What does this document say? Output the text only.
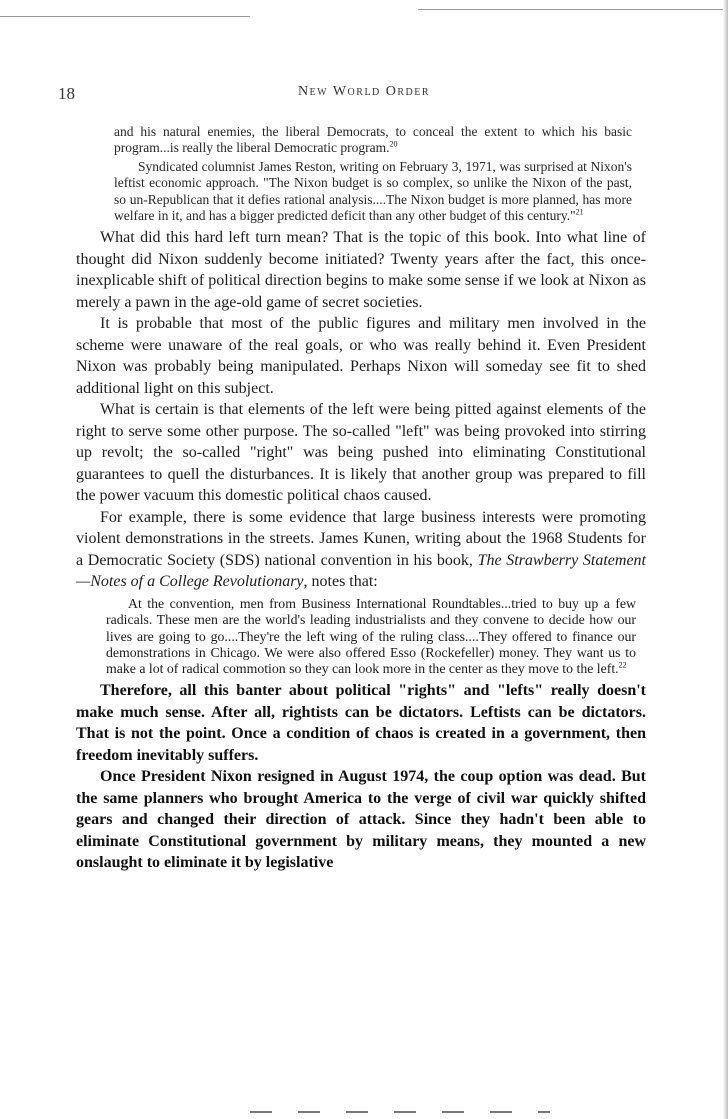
18	New World Order

and his natural enemies, the liberal Democrats, to conceal the extent to which his basic program...is really the liberal Democratic program.$^{20}$

Syndicated columnist James Reston, writing on February 3, 1971, was surprised at Nixon's leftist economic approach. "The Nixon budget is so complex, so unlike the Nixon of the past, so un-Republican that it defies rational analysis....The Nixon budget is more planned, has more welfare in it, and has a bigger predicted deficit than any other budget of this century."$^{21}$

What did this hard left turn mean? That is the topic of this book. Into what line of thought did Nixon suddenly become initiated? Twenty years after the fact, this once-inexplicable shift of political direction begins to make some sense if we look at Nixon as merely a pawn in the age-old game of secret societies.

It is probable that most of the public figures and military men involved in the scheme were unaware of the real goals, or who was really behind it. Even President Nixon was probably being manipulated. Perhaps Nixon will someday see fit to shed additional light on this subject.

What is certain is that elements of the left were being pitted against elements of the right to serve some other purpose. The so-called "left" was being provoked into stirring up revolt; the so-called "right" was being pushed into eliminating Constitutional guarantees to quell the disturbances. It is likely that another group was prepared to fill the power vacuum this domestic political chaos caused.

For example, there is some evidence that large business interests were promoting violent demonstrations in the streets. James Kunen, writing about the 1968 Students for a Democratic Society (SDS) national convention in his book, The Strawberry Statement—Notes of a College Revolutionary, notes that:

At the convention, men from Business International Roundtables...tried to buy up a few radicals. These men are the world's leading industrialists and they convene to decide how our lives are going to go....They're the left wing of the ruling class....They offered to finance our demonstrations in Chicago. We were also offered Esso (Rockefeller) money. They want us to make a lot of radical commotion so they can look more in the center as they move to the left.$^{22}$

Therefore, all this banter about political "rights" and "lefts" really doesn't make much sense. After all, rightists can be dictators. Leftists can be dictators. That is not the point. Once a condition of chaos is created in a government, then freedom inevitably suffers.

Once President Nixon resigned in August 1974, the coup option was dead. But the same planners who brought America to the verge of civil war quickly shifted gears and changed their direction of attack. Since they hadn't been able to eliminate Constitutional government by military means, they mounted a new onslaught to eliminate it by legislative
